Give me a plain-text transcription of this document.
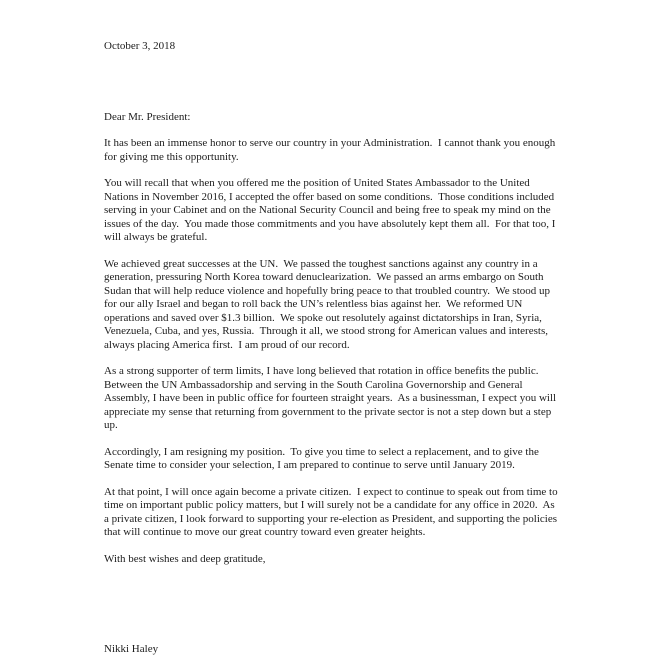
October 3, 2018

Dear Mr. President:

It has been an immense honor to serve our country in your Administration.  I cannot thank you enough for giving me this opportunity.

You will recall that when you offered me the position of United States Ambassador to the United Nations in November 2016, I accepted the offer based on some conditions.  Those conditions included serving in your Cabinet and on the National Security Council and being free to speak my mind on the issues of the day.  You made those commitments and you have absolutely kept them all.  For that too, I will always be grateful.

We achieved great successes at the UN.  We passed the toughest sanctions against any country in a generation, pressuring North Korea toward denuclearization.  We passed an arms embargo on South Sudan that will help reduce violence and hopefully bring peace to that troubled country.  We stood up for our ally Israel and began to roll back the UN’s relentless bias against her.  We reformed UN operations and saved over $1.3 billion.  We spoke out resolutely against dictatorships in Iran, Syria, Venezuela, Cuba, and yes, Russia.  Through it all, we stood strong for American values and interests, always placing America first.  I am proud of our record.

As a strong supporter of term limits, I have long believed that rotation in office benefits the public.  Between the UN Ambassadorship and serving in the South Carolina Governorship and General Assembly, I have been in public office for fourteen straight years.  As a businessman, I expect you will appreciate my sense that returning from government to the private sector is not a step down but a step up.

Accordingly, I am resigning my position.  To give you time to select a replacement, and to give the Senate time to consider your selection, I am prepared to continue to serve until January 2019.

At that point, I will once again become a private citizen.  I expect to continue to speak out from time to time on important public policy matters, but I will surely not be a candidate for any office in 2020.  As a private citizen, I look forward to supporting your re-election as President, and supporting the policies that will continue to move our great country toward even greater heights.

With best wishes and deep gratitude,

Nikki Haley
